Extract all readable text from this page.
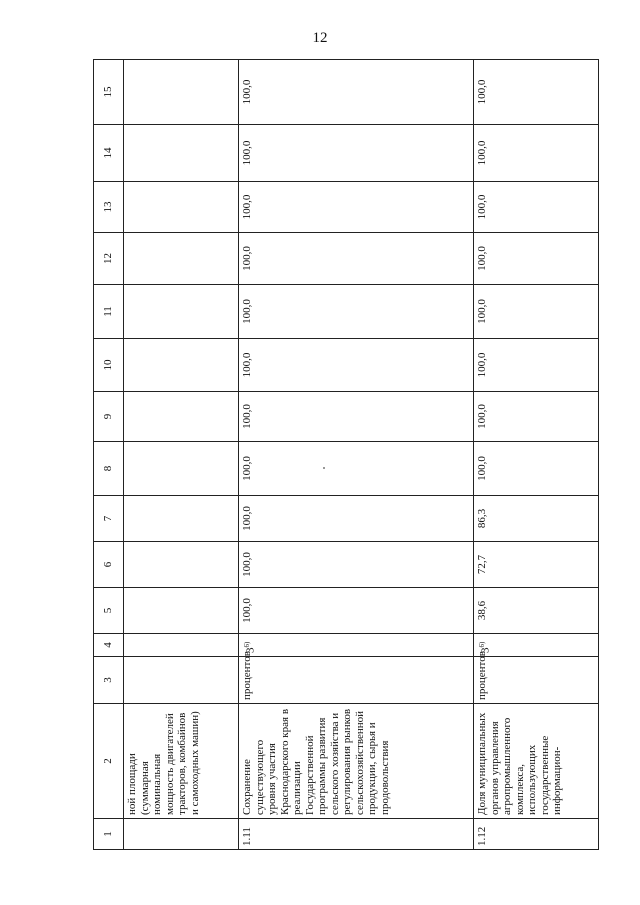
12
1	2	3	4	5	6	7	8	9	10	11	12	13	14	15
	ной площади (суммарная номинальная мощность двигателей тракторов, комбайнов и самоходных машин)													
1.11	Сохранение существующего уровня участия Краснодарского края в реализации Государственной программы развития сельского хозяйства и регулирования рынков сельскохозяйственной продукции, сырья и продовольствия	процентов	3$^{6)}$	100,0	100,0	100,0	100,0	100,0	100,0	100,0	100,0	100,0	100,0	100,0
1.12	Доля муниципальных органов управления агропромышленного комплекса, использующих государственные информацион-	процентов	3$^{6)}$	38,6	72,7	86,3	100,0	100,0	100,0	100,0	100,0	100,0	100,0	100,0
